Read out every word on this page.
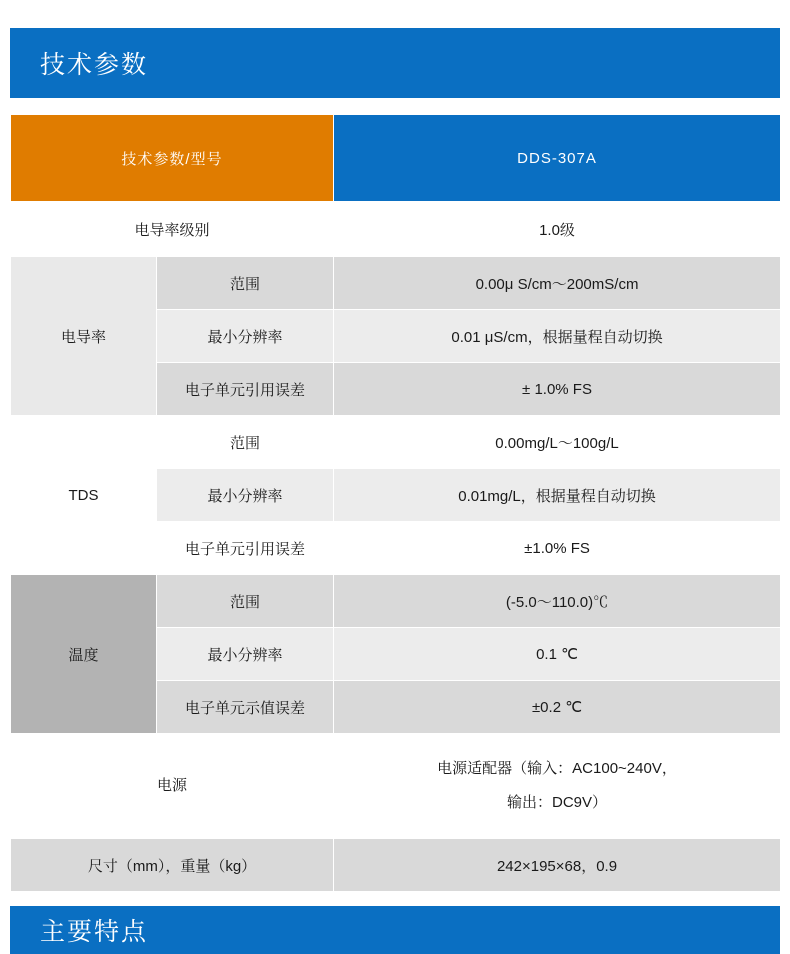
技术参数
技术参数/型号		DDS-307A
电导率级别		1.0级
电导率	范围	0.00μ S/cm～200mS/cm
	最小分辨率	0.01 μS/cm，根据量程自动切换
	电子单元引用误差	± 1.0% FS
TDS	范围	0.00mg/L～100g/L
	最小分辨率	0.01mg/L，根据量程自动切换
	电子单元引用误差	±1.0% FS
温度	范围	(-5.0～110.0)℃
	最小分辨率	0.1 ℃
	电子单元示值误差	±0.2 ℃
电源		电源适配器（输入：AC100~240V，
输出：DC9V）

尺寸（mm），重量（kg）		242×195×68，0.9
主要特点
